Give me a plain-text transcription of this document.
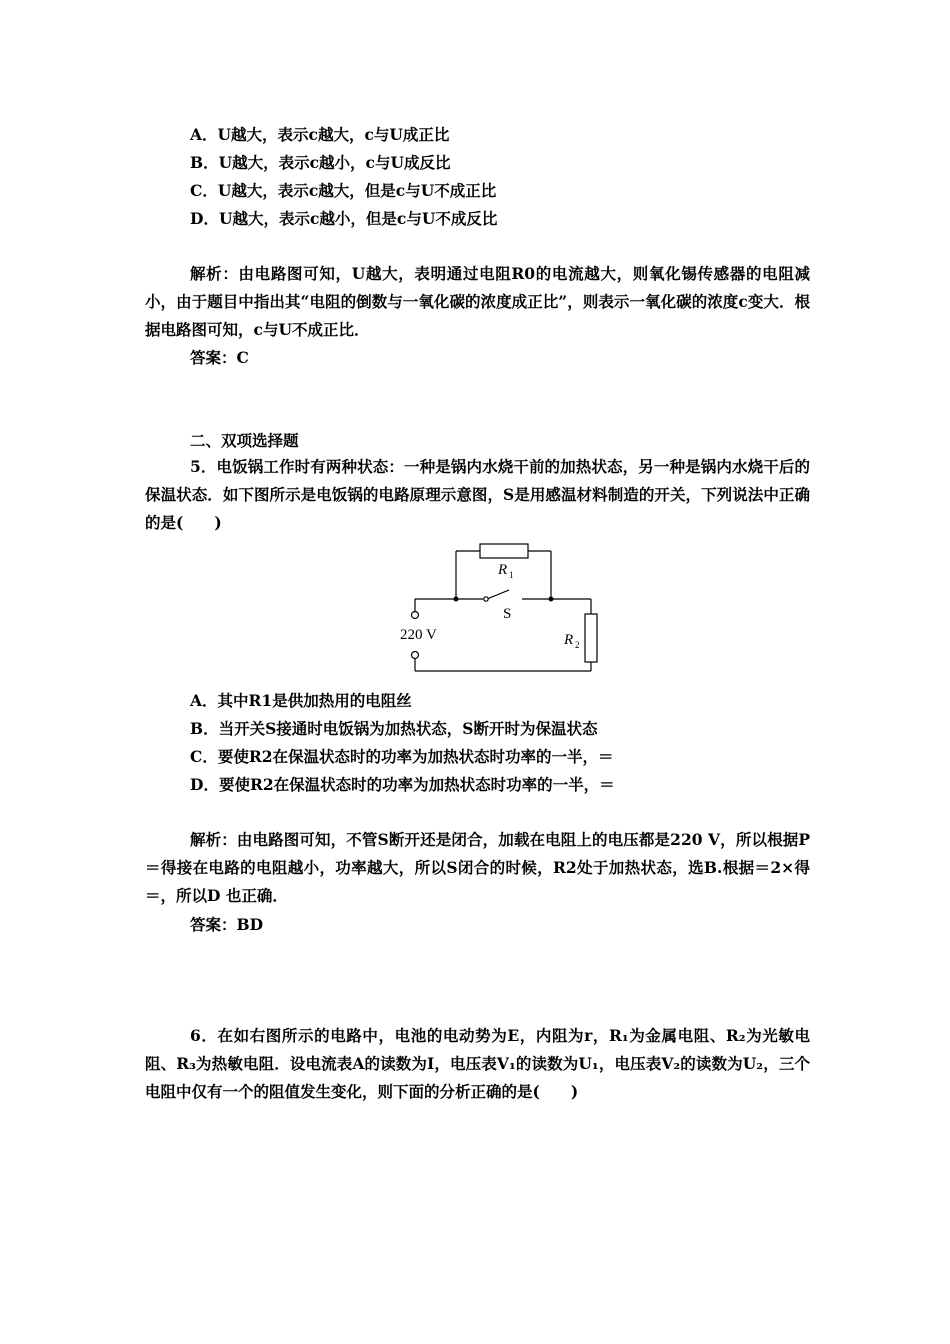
A．U越大，表示c越大，c与U成正比
B．U越大，表示c越小，c与U成反比
C．U越大，表示c越大，但是c与U不成正比
D．U越大，表示c越小，但是c与U不成反比
解析：由电路图可知，U越大，表明通过电阻R0的电流越大，则氧化锡传感器的电阻减小，由于题目中指出其“电阻的倒数与一氧化碳的浓度成正比”，则表示一氧化碳的浓度c变大．根据电路图可知，c与U不成正比．
答案：C
二、双项选择题
5．电饭锅工作时有两种状态：一种是锅内水烧干前的加热状态，另一种是锅内水烧干后的保温状态．如下图所示是电饭锅的电路原理示意图，S是用感温材料制造的开关，下列说法中正确的是(　　)
R 1
S
220 V	R 2
A．其中R1是供加热用的电阻丝
B．当开关S接通时电饭锅为加热状态，S断开时为保温状态
C．要使R2在保温状态时的功率为加热状态时功率的一半，＝
D．要使R2在保温状态时的功率为加热状态时功率的一半，＝
解析：由电路图可知，不管S断开还是闭合，加载在电阻上的电压都是220 V，所以根据P＝得接在电路的电阻越小，功率越大，所以S闭合的时候，R2处于加热状态，选B.根据＝2×得＝，所以D 也正确．
答案：BD
6．在如右图所示的电路中，电池的电动势为E，内阻为r，R₁为金属电阻、R₂为光敏电阻、R₃为热敏电阻．设电流表A的读数为I，电压表V₁的读数为U₁，电压表V₂的读数为U₂，三个电阻中仅有一个的阻值发生变化，则下面的分析正确的是(　　)
